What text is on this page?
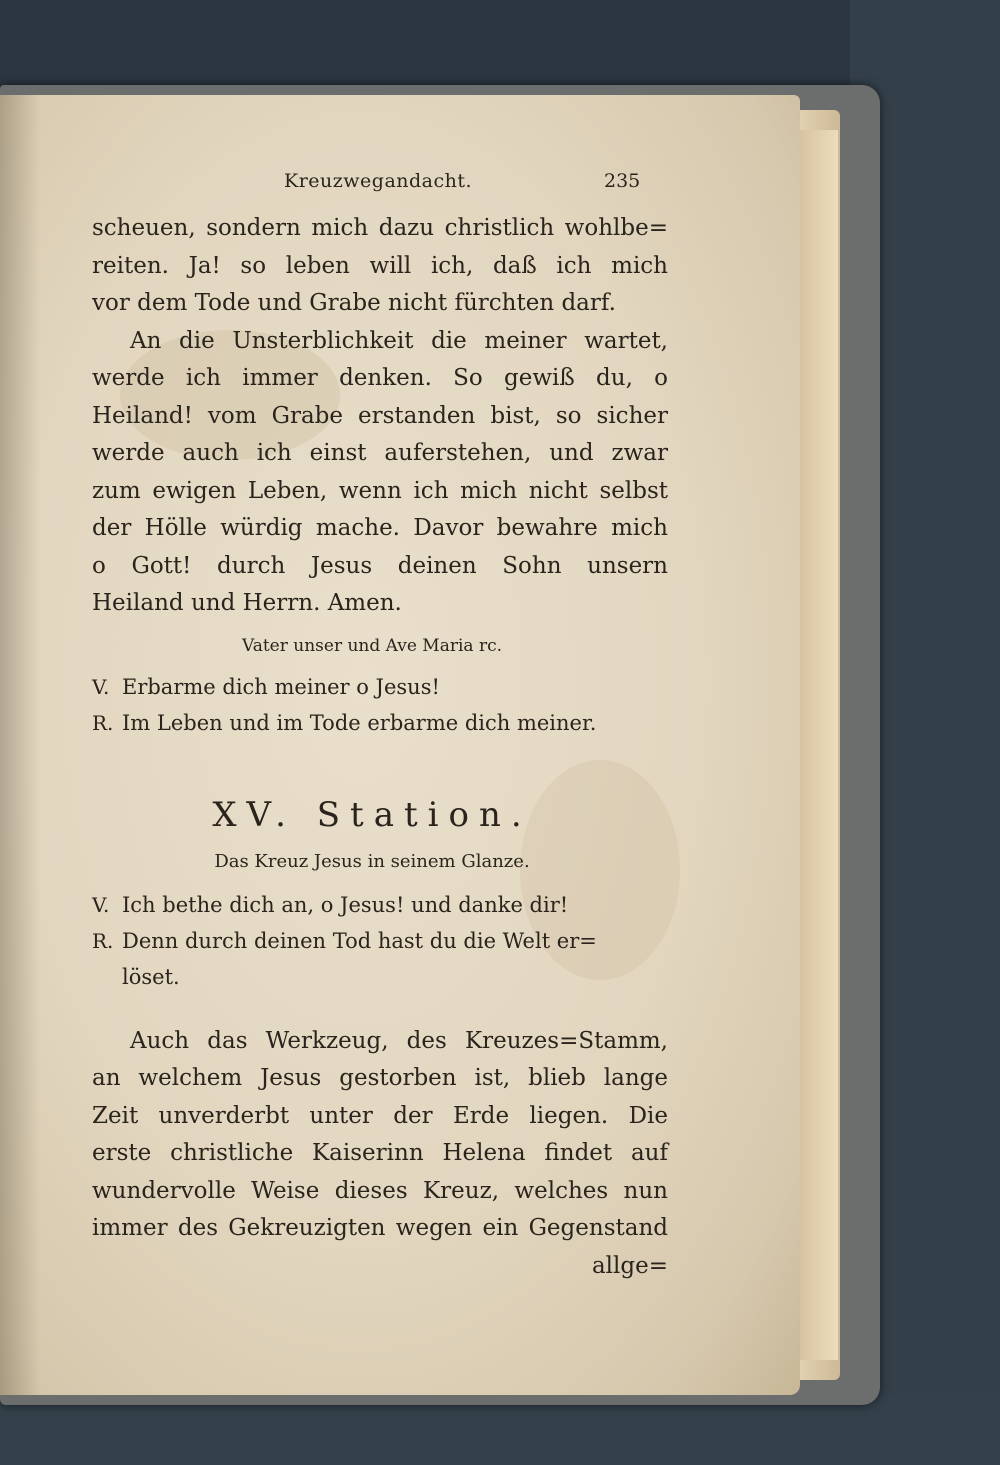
Kreuzwegandacht.	235
scheuen, sondern mich dazu christlich wohlbe=
reiten. Ja! so leben will ich, daß ich mich
vor dem Tode und Grabe nicht fürchten darf.
An die Unsterblichkeit die meiner wartet,
werde ich immer denken. So gewiß du, o
Heiland! vom Grabe erstanden bist, so sicher
werde auch ich einst auferstehen, und zwar
zum ewigen Leben, wenn ich mich nicht selbst
der Hölle würdig mache. Davor bewahre mich
o Gott! durch Jesus deinen Sohn unsern
Heiland und Herrn. Amen.
Vater unser und Ave Maria rc.
V. Erbarme dich meiner o Jesus!
R. Im Leben und im Tode erbarme dich meiner.
XV. Station.
Das Kreuz Jesus in seinem Glanze.
V. Ich bethe dich an, o Jesus! und danke dir!
R. Denn durch deinen Tod hast du die Welt er=
löset.
Auch das Werkzeug, des Kreuzes=Stamm,
an welchem Jesus gestorben ist, blieb lange
Zeit unverderbt unter der Erde liegen. Die
erste christliche Kaiserinn Helena findet auf
wundervolle Weise dieses Kreuz, welches nun
immer des Gekreuzigten wegen ein Gegenstand
allge=
